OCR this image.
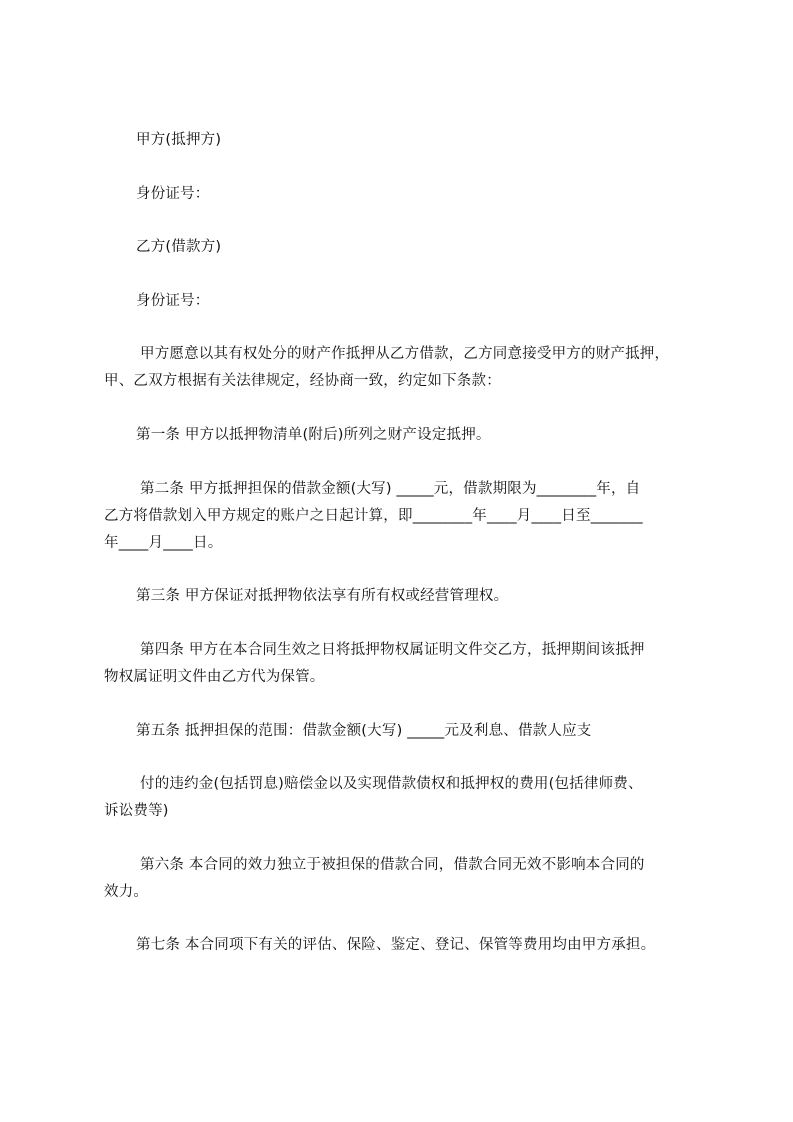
甲方(抵押方)
身份证号：
乙方(借款方)
身份证号：
甲方愿意以其有权处分的财产作抵押从乙方借款，乙方同意接受甲方的财产抵押，
甲、乙双方根据有关法律规定，经协商一致，约定如下条款：
第一条 甲方以抵押物清单(附后)所列之财产设定抵押。
第二条 甲方抵押担保的借款金额(大写) _____元，借款期限为________年，自
乙方将借款划入甲方规定的账户之日起计算，即________年____月____日至_______
年____月____日。
第三条 甲方保证对抵押物依法享有所有权或经营管理权。
第四条 甲方在本合同生效之日将抵押物权属证明文件交乙方，抵押期间该抵押
物权属证明文件由乙方代为保管。
第五条 抵押担保的范围：借款金额(大写) _____元及利息、借款人应支
付的违约金(包括罚息)赔偿金以及实现借款债权和抵押权的费用(包括律师费、
诉讼费等)
第六条 本合同的效力独立于被担保的借款合同，借款合同无效不影响本合同的
效力。
第七条 本合同项下有关的评估、保险、鉴定、登记、保管等费用均由甲方承担。
